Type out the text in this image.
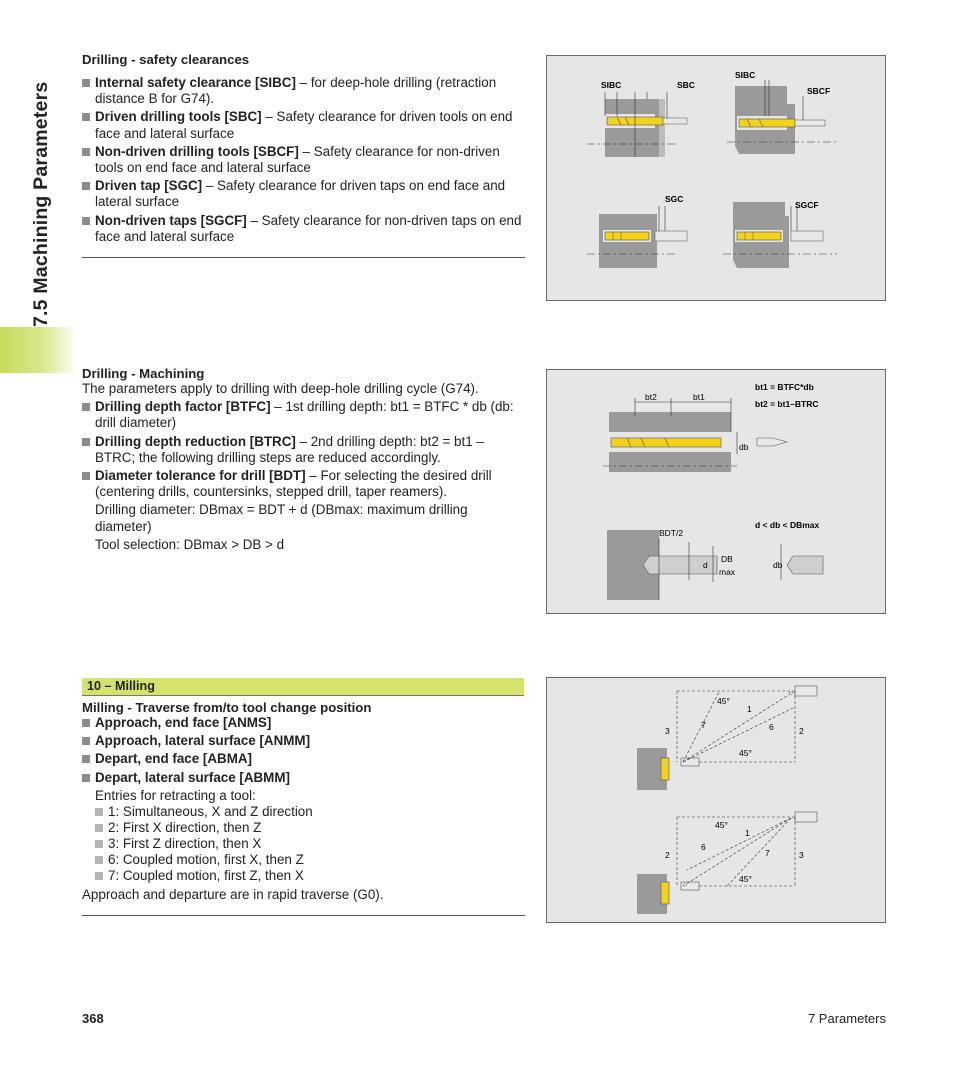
7.5 Machining Parameters

Drilling - safety clearances

Internal safety clearance [SIBC] – for deep-hole drilling (retraction distance B for G74).

Driven drilling tools [SBC] – Safety clearance for driven tools on end face and lateral surface

Non-driven drilling tools [SBCF] – Safety clearance for non-driven tools on end face and lateral surface

Driven tap [SGC] – Safety clearance for driven taps on end face and lateral surface

Non-driven taps [SGCF] – Safety clearance for non-driven taps on end face and lateral surface

SIBC	SBC
SIBC
SBCF
SGC
SGCF

Drilling - Machining

The parameters apply to drilling with deep-hole drilling cycle (G74).

Drilling depth factor [BTFC] – 1st drilling depth: bt1 = BTFC * db (db: drill diameter)

Drilling depth reduction [BTRC] – 2nd drilling depth: bt2 = bt1 – BTRC; the following drilling steps are reduced accordingly.

Diameter tolerance for drill [BDT] – For selecting the desired drill (centering drills, countersinks, stepped drill, taper reamers).

Drilling diameter: DBmax = BDT + d (DBmax: maximum drilling diameter)

Tool selection: DBmax > DB > d

bt2	bt1
db
bt1 = BTFC*db
bt2 = bt1–BTRC
BDT/2
d
DB
max
d < db < DBmax
db
10 – Milling

Milling - Traverse from/to tool change position

Approach, end face [ANMS]

Approach, lateral surface [ANMM]

Depart, end face [ABMA]

Depart, lateral surface [ABMM]

Entries for retracting a tool:

1: Simultaneous, X and Z direction
2: First X direction, then Z
3: First Z direction, then X
6: Coupled motion, first X, then Z
7: Coupled motion, first Z, then X

Approach and departure are in rapid traverse (G0).

45°
45°
1
2
3	6
7
45°
45°
1
2	3
6
7
368	7 Parameters
